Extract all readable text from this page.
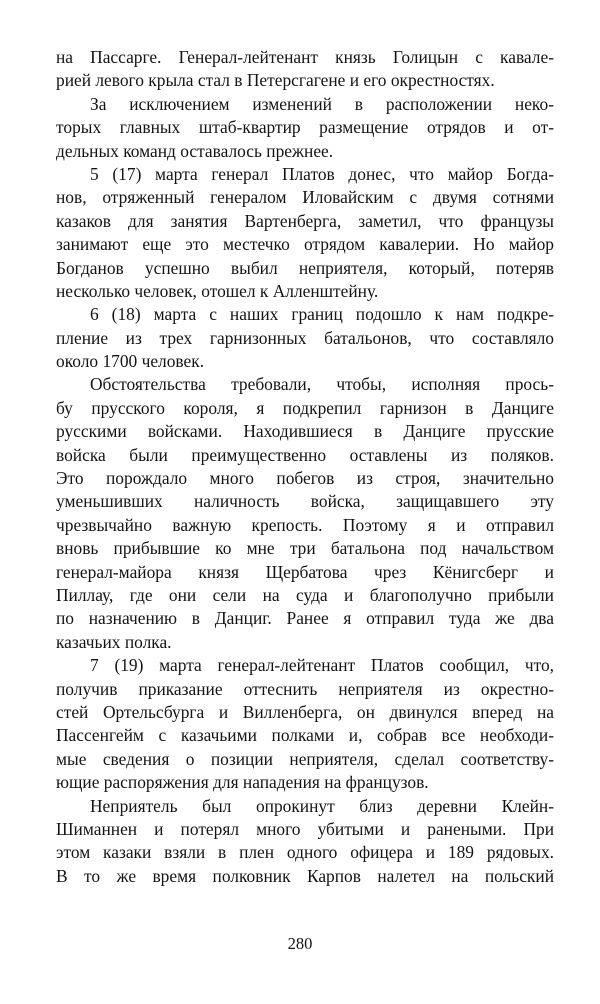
на Пассарге. Генерал-лейтенант князь Голицын с кавале-
рией левого крыла стал в Петерсгагене и его окрестностях.
За исключением изменений в расположении неко-
торых главных штаб-квартир размещение отрядов и от-
дельных команд оставалось прежнее.
5 (17) марта генерал Платов донес, что майор Богда-
нов, отряженный генералом Иловайским с двумя сотнями
казаков для занятия Вартенберга, заметил, что французы
занимают еще это местечко отрядом кавалерии. Но майор
Богданов успешно выбил неприятеля, который, потеряв
несколько человек, отошел к Алленштейну.
6 (18) марта с наших границ подошло к нам подкре-
пление из трех гарнизонных батальонов, что составляло
около 1700 человек.
Обстоятельства требовали, чтобы, исполняя прось-
бу прусского короля, я подкрепил гарнизон в Данциге
русскими войсками. Находившиеся в Данциге прусские
войска были преимущественно оставлены из поляков.
Это порождало много побегов из строя, значительно
уменьшивших наличность войска, защищавшего эту
чрезвычайно важную крепость. Поэтому я и отправил
вновь прибывшие ко мне три батальона под начальством
генерал-майора князя Щербатова чрез Кёнигсберг и
Пиллау, где они сели на суда и благополучно прибыли
по назначению в Данциг. Ранее я отправил туда же два
казачьих полка.
7 (19) марта генерал-лейтенант Платов сообщил, что,
получив приказание оттеснить неприятеля из окрестно-
стей Ортельсбурга и Вилленберга, он двинулся вперед на
Пассенгейм с казачьими полками и, собрав все необходи-
мые сведения о позиции неприятеля, сделал соответству-
ющие распоряжения для нападения на французов.
Неприятель был опрокинут близ деревни Клейн-
Шиманнен и потерял много убитыми и ранеными. При
этом казаки взяли в плен одного офицера и 189 рядовых.
В то же время полковник Карпов налетел на польский
280
